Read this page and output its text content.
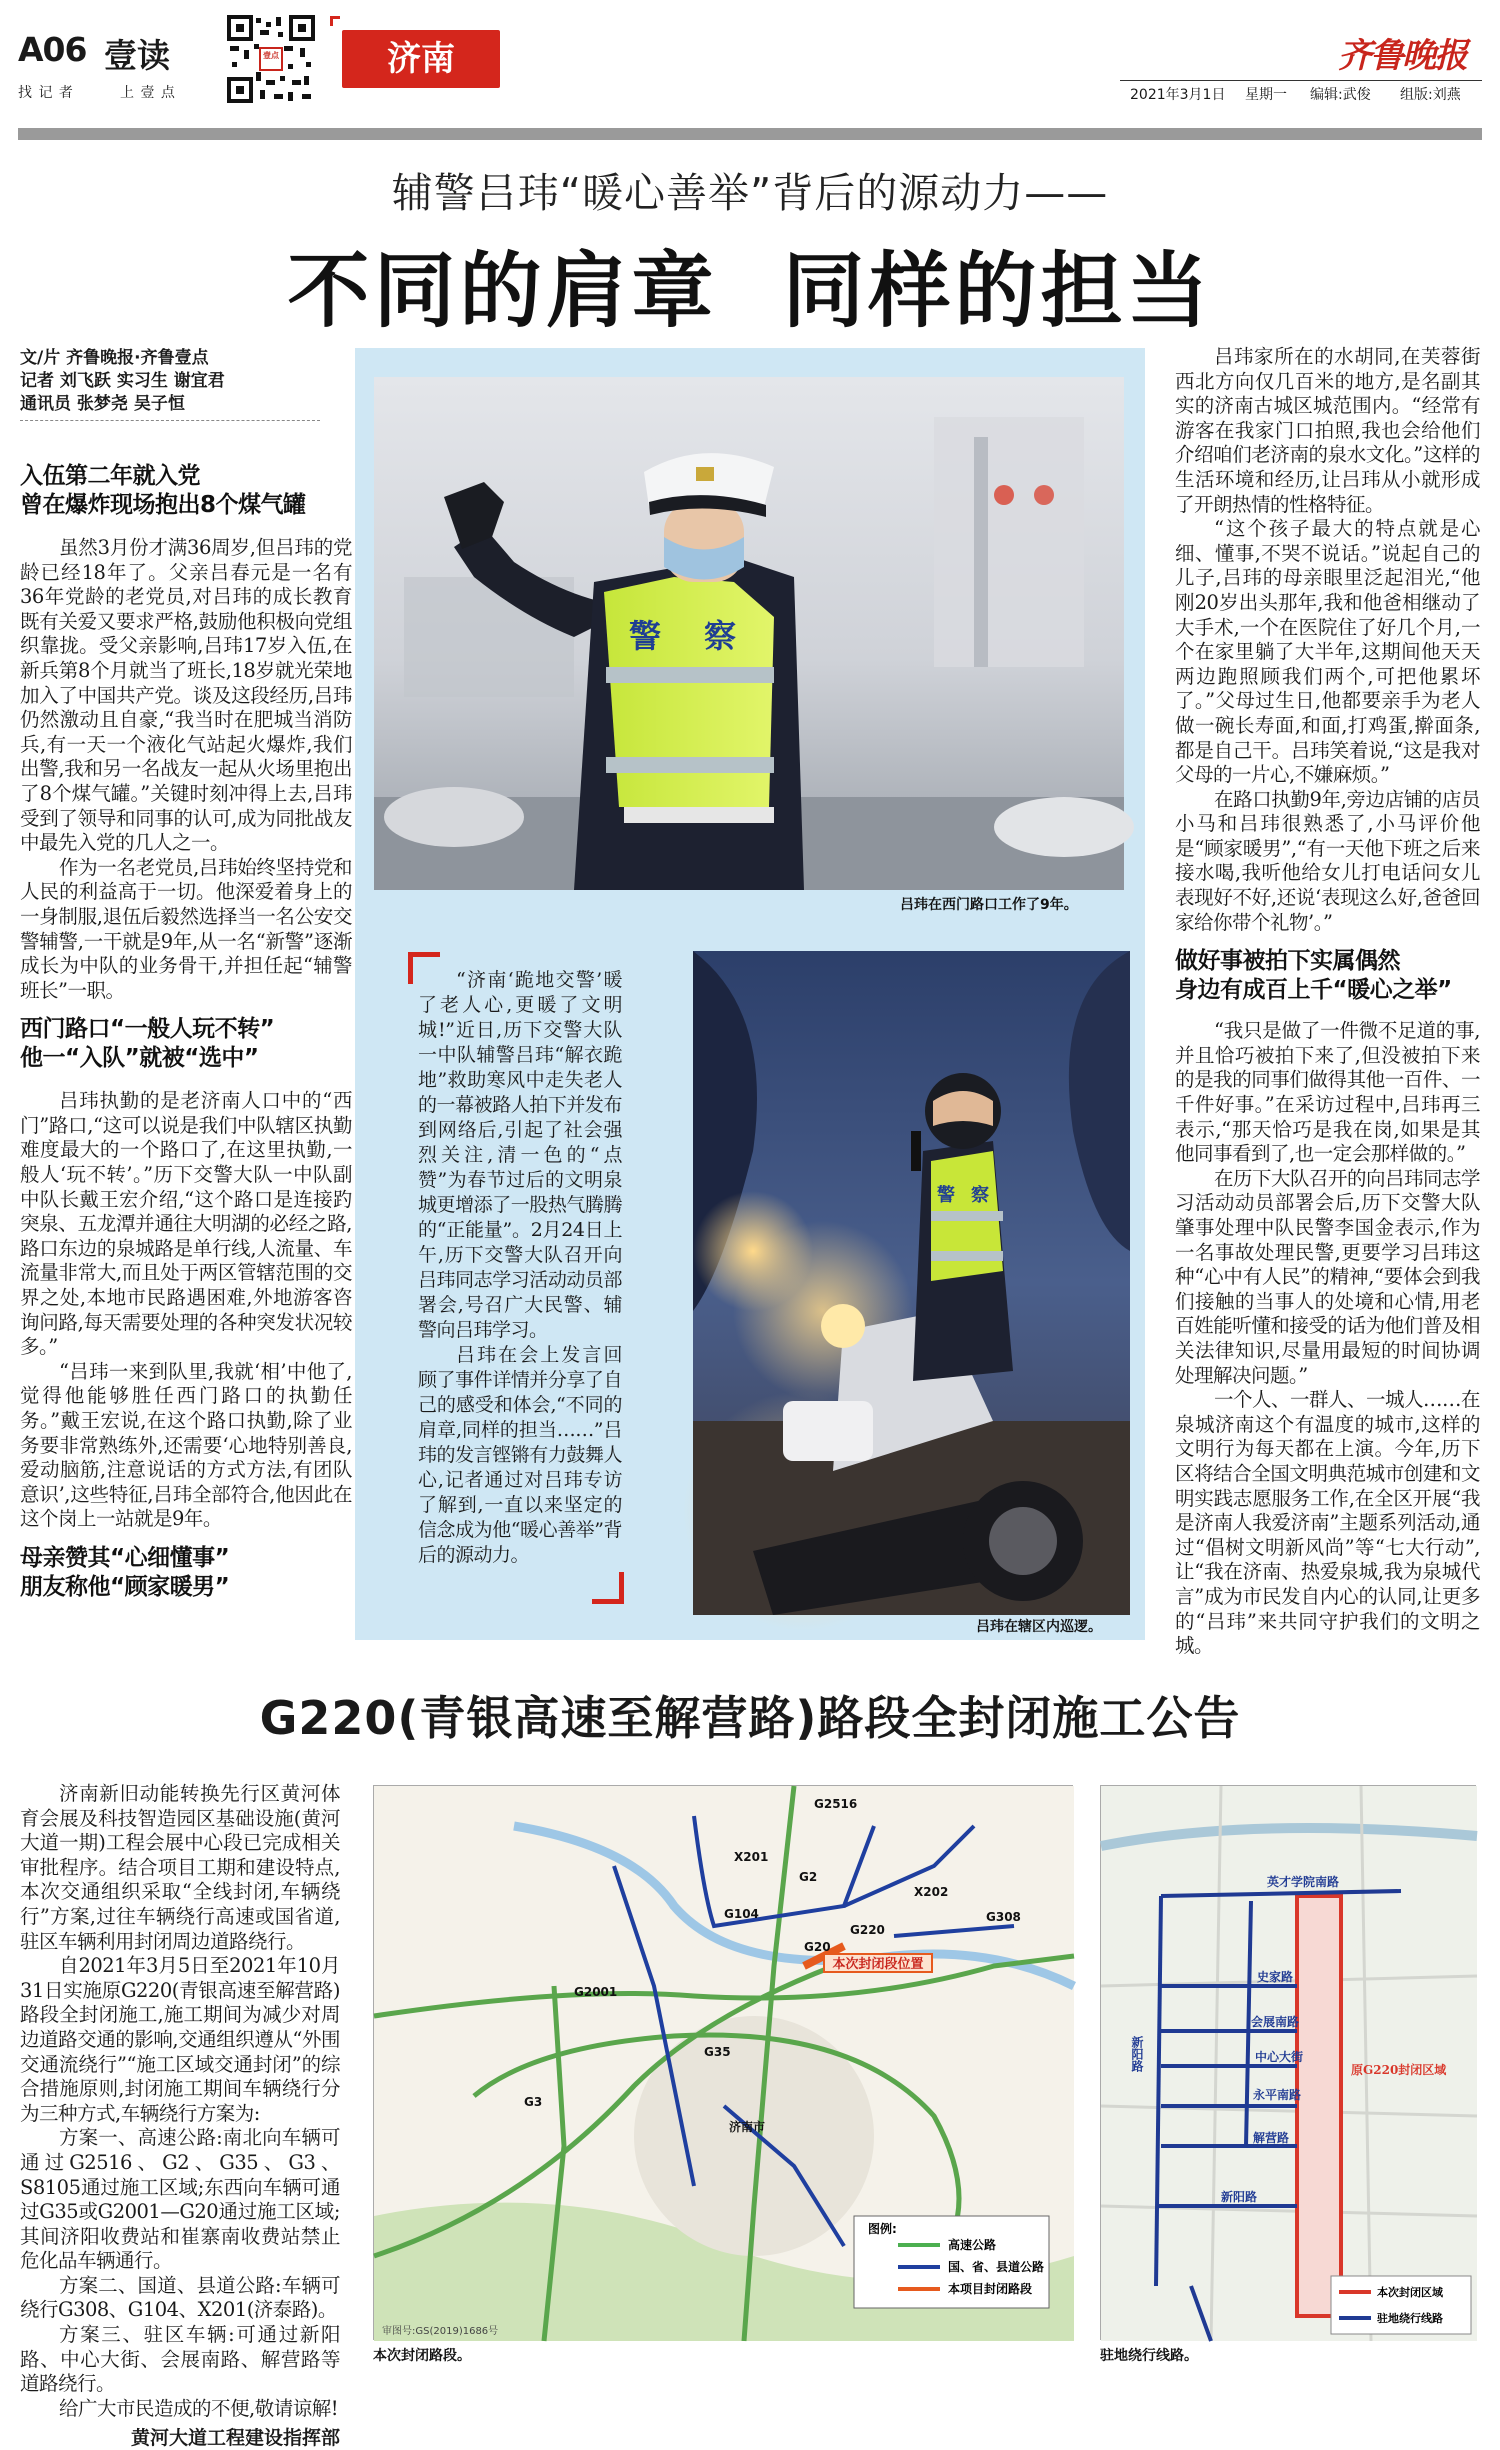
A06 壹读
找 记 者	上 壹 点
壹点	济南	齐鲁晚报
2021年3月1日 星期一 编辑:武俊 组版:刘燕
辅警吕玮“暖心善举”背后的源动力——
不同的肩章  同样的担当
文/片 齐鲁晚报·齐鲁壹点
记者 刘飞跃 实习生 谢宜君
通讯员 张梦尧 吴子恒
入伍第二年就入党
曾在爆炸现场抱出8个煤气罐

虽然3月份才满36周岁,但吕玮的党龄已经18年了。父亲吕春元是一名有36年党龄的老党员,对吕玮的成长教育既有关爱又要求严格,鼓励他积极向党组织靠拢。受父亲影响,吕玮17岁入伍,在新兵第8个月就当了班长,18岁就光荣地加入了中国共产党。谈及这段经历,吕玮仍然激动且自豪,“我当时在肥城当消防兵,有一天一个液化气站起火爆炸,我们出警,我和另一名战友一起从火场里抱出了8个煤气罐。”关键时刻冲得上去,吕玮受到了领导和同事的认可,成为同批战友中最先入党的几人之一。

作为一名老党员,吕玮始终坚持党和人民的利益高于一切。他深爱着身上的一身制服,退伍后毅然选择当一名公安交警辅警,一干就是9年,从一名“新警”逐渐成长为中队的业务骨干,并担任起“辅警班长”一职。

西门路口“一般人玩不转”
他一“入队”就被“选中”

吕玮执勤的是老济南人口中的“西门”路口,“这可以说是我们中队辖区执勤难度最大的一个路口了,在这里执勤,一般人‘玩不转’。”历下交警大队一中队副中队长戴王宏介绍,“这个路口是连接趵突泉、五龙潭并通往大明湖的必经之路,路口东边的泉城路是单行线,人流量、车流量非常大,而且处于两区管辖范围的交界之处,本地市民路遇困难,外地游客咨询问路,每天需要处理的各种突发状况较多。”

“吕玮一来到队里,我就‘相’中他了,觉得他能够胜任西门路口的执勤任务。”戴王宏说,在这个路口执勤,除了业务要非常熟练外,还需要‘心地特别善良,爱动脑筋,注意说话的方式方法,有团队意识’,这些特征,吕玮全部符合,他因此在这个岗上一站就是9年。

母亲赞其“心细懂事”
朋友称他“顾家暖男”
警 察
吕玮在西门路口工作了9年。

“济南‘跪地交警’暖了老人心,更暖了文明城!”近日,历下交警大队一中队辅警吕玮“解衣跪地”救助寒风中走失老人的一幕被路人拍下并发布到网络后,引起了社会强烈关注,清一色的“点赞”为春节过后的文明泉城更增添了一股热气腾腾的“正能量”。2月24日上午,历下交警大队召开向吕玮同志学习活动动员部署会,号召广大民警、辅警向吕玮学习。

吕玮在会上发言回顾了事件详情并分享了自己的感受和体会,“不同的肩章,同样的担当……”吕玮的发言铿锵有力鼓舞人心,记者通过对吕玮专访了解到,一直以来坚定的信念成为他“暖心善举”背后的源动力。

警 察
吕玮在辖区内巡逻。

吕玮家所在的水胡同,在芙蓉街西北方向仅几百米的地方,是名副其实的济南古城区城范围内。“经常有游客在我家门口拍照,我也会给他们介绍咱们老济南的泉水文化。”这样的生活环境和经历,让吕玮从小就形成了开朗热情的性格特征。

“这个孩子最大的特点就是心细、懂事,不哭不说话。”说起自己的儿子,吕玮的母亲眼里泛起泪光,“他刚20岁出头那年,我和他爸相继动了大手术,一个在医院住了好几个月,一个在家里躺了大半年,这期间他天天两边跑照顾我们两个,可把他累坏了。”父母过生日,他都要亲手为老人做一碗长寿面,和面,打鸡蛋,擀面条,都是自己干。吕玮笑着说,“这是我对父母的一片心,不嫌麻烦。”

在路口执勤9年,旁边店铺的店员小马和吕玮很熟悉了,小马评价他是“顾家暖男”,“有一天他下班之后来接水喝,我听他给女儿打电话问女儿表现好不好,还说‘表现这么好,爸爸回家给你带个礼物’。”

做好事被拍下实属偶然
身边有成百上千“暖心之举”

“我只是做了一件微不足道的事,并且恰巧被拍下来了,但没被拍下来的是我的同事们做得其他一百件、一千件好事。”在采访过程中,吕玮再三表示,“那天恰巧是我在岗,如果是其他同事看到了,也一定会那样做的。”

在历下大队召开的向吕玮同志学习活动动员部署会后,历下交警大队肇事处理中队民警李国金表示,作为一名事故处理民警,更要学习吕玮这种“心中有人民”的精神,“要体会到我们接触的当事人的处境和心情,用老百姓能听懂和接受的话为他们普及相关法律知识,尽量用最短的时间协调处理解决问题。”

一个人、一群人、一城人……在泉城济南这个有温度的城市,这样的文明行为每天都在上演。今年,历下区将结合全国文明典范城市创建和文明实践志愿服务工作,在全区开展“我是济南人我爱济南”主题系列活动,通过“倡树文明新风尚”等“七大行动”,让“我在济南、热爱泉城,我为泉城代言”成为市民发自内心的认同,让更多的“吕玮”来共同守护我们的文明之城。

G220(青银高速至解营路)路段全封闭施工公告

济南新旧动能转换先行区黄河体育会展及科技智造园区基础设施(黄河大道一期)工程会展中心段已完成相关审批程序。结合项目工期和建设特点,本次交通组织采取“全线封闭,车辆绕行”方案,过往车辆绕行高速或国省道,驻区车辆利用封闭周边道路绕行。

自2021年3月5日至2021年10月31日实施原G220(青银高速至解营路)路段全封闭施工,施工期间为减少对周边道路交通的影响,交通组织遵从“外围交通流绕行”“施工区域交通封闭”的综合措施原则,封闭施工期间车辆绕行分为三种方式,车辆绕行方案为:

方案一、高速公路:南北向车辆可通过G2516、G2、G35、G3、S8105通过施工区域;东西向车辆可通过G35或G2001—G20通过施工区域;其间济阳收费站和崔寨南收费站禁止危化品车辆通行。

方案二、国道、县道公路:车辆可绕行G308、G104、X201(济泰路)。

方案三、驻区车辆:可通过新阳路、中心大街、会展南路、解营路等道路绕行。

给广大市民造成的不便,敬请谅解!

黄河大道工程建设指挥部
本次封闭段位置
G2516
X201
G2
G104
X202
G308
G220
G20
G2001
G35
G3
济南市
图例:
高速公路
国、省、县道公路
本项目封闭路段
审图号:GS(2019)1686号
本次封闭路段。
英才学院南路
史家路
会展南路
中心大街
永平南路
解营路
新阳路
新阳路	原G220封闭区域
本次封闭区域
驻地绕行线路
驻地绕行线路。
